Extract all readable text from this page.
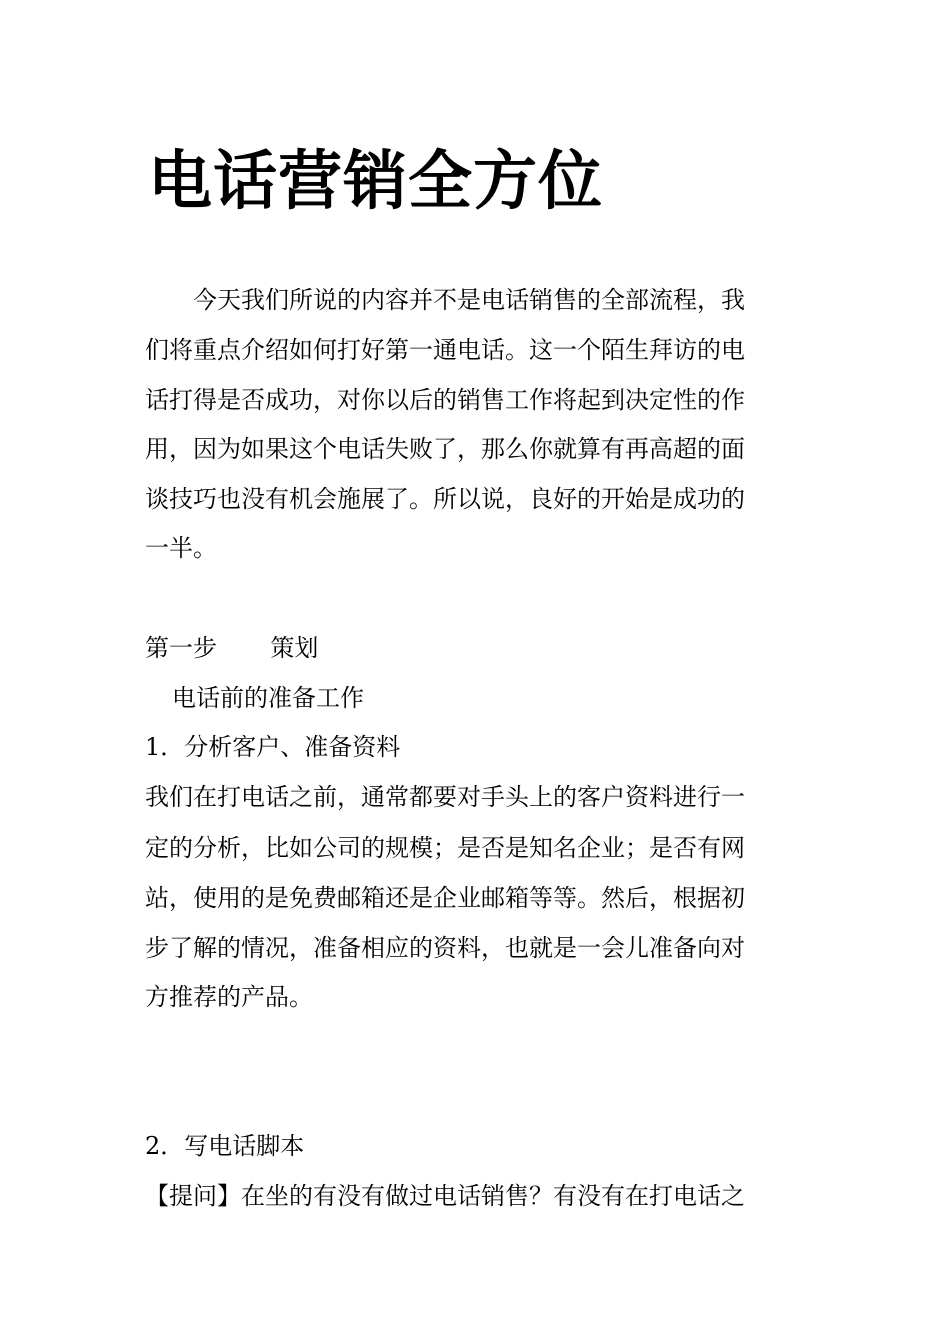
电话营销全方位

今天我们所说的内容并不是电话销售的全部流程，我

们将重点介绍如何打好第一通电话。这一个陌生拜访的电

话打得是否成功，对你以后的销售工作将起到决定性的作

用，因为如果这个电话失败了，那么你就算有再高超的面

谈技巧也没有机会施展了。所以说，良好的开始是成功的

一半。

第一步       策划

电话前的准备工作

1．分析客户、准备资料

我们在打电话之前，通常都要对手头上的客户资料进行一

定的分析，比如公司的规模；是否是知名企业；是否有网

站，使用的是免费邮箱还是企业邮箱等等。然后，根据初

步了解的情况，准备相应的资料，也就是一会儿准备向对

方推荐的产品。

2．写电话脚本

【提问】在坐的有没有做过电话销售？有没有在打电话之
